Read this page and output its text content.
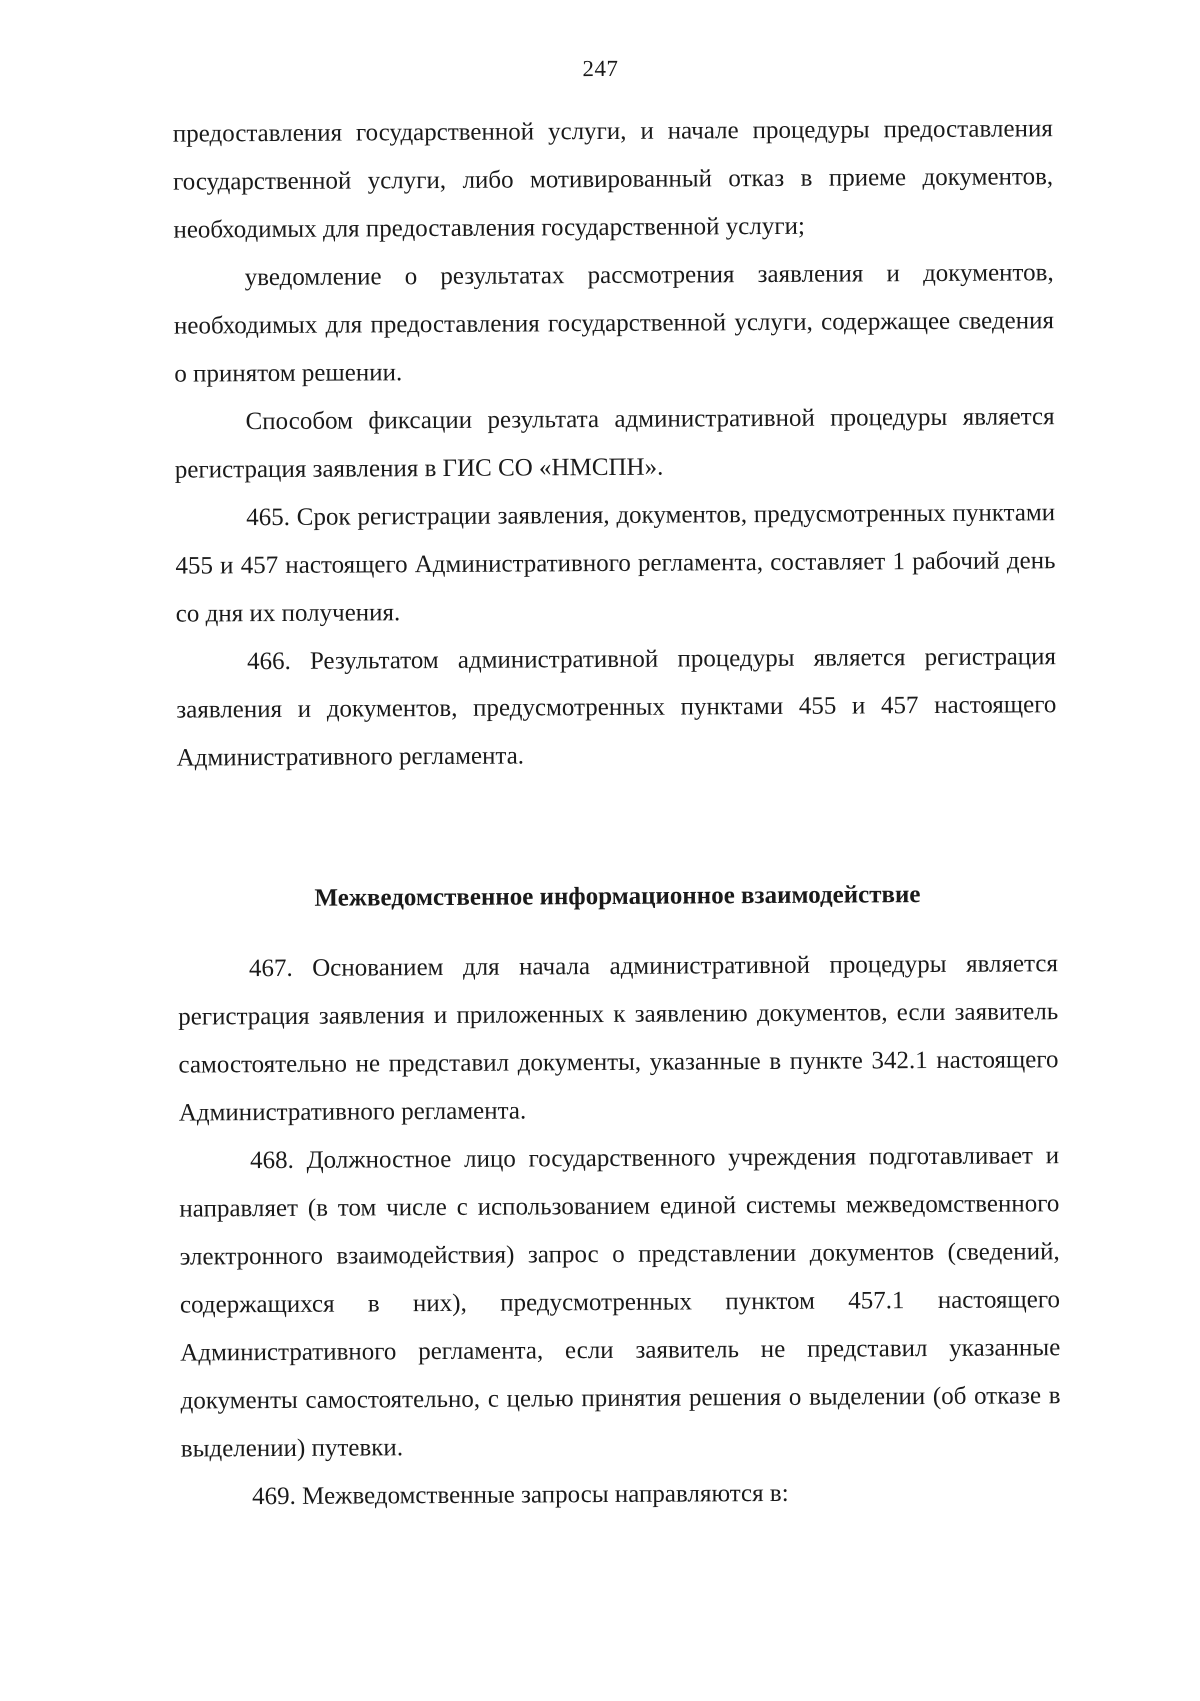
247

предоставления государственной услуги, и начале процедуры предоставления государственной услуги, либо мотивированный отказ в приеме документов, необходимых для предоставления государственной услуги;

уведомление о результатах рассмотрения заявления и документов, необходимых для предоставления государственной услуги, содержащее сведения о принятом решении.

Способом фиксации результата административной процедуры является регистрация заявления в ГИС СО «НМСПН».

465. Срок регистрации заявления, документов, предусмотренных пунктами 455 и 457 настоящего Административного регламента, составляет 1 рабочий день со дня их получения.

466. Результатом административной процедуры является регистрация заявления и документов, предусмотренных пунктами 455 и 457 настоящего Административного регламента.

Межведомственное информационное взаимодействие

467. Основанием для начала административной процедуры является регистрация заявления и приложенных к заявлению документов, если заявитель самостоятельно не представил документы, указанные в пункте 342.1 настоящего Административного регламента.

468. Должностное лицо государственного учреждения подготавливает и направляет (в том числе с использованием единой системы межведомственного электронного взаимодействия) запрос о представлении документов (сведений, содержащихся в них), предусмотренных пунктом 457.1 настоящего Административного регламента, если заявитель не представил указанные документы самостоятельно, с целью принятия решения о выделении (об отказе в выделении) путевки.

469. Межведомственные запросы направляются в:
